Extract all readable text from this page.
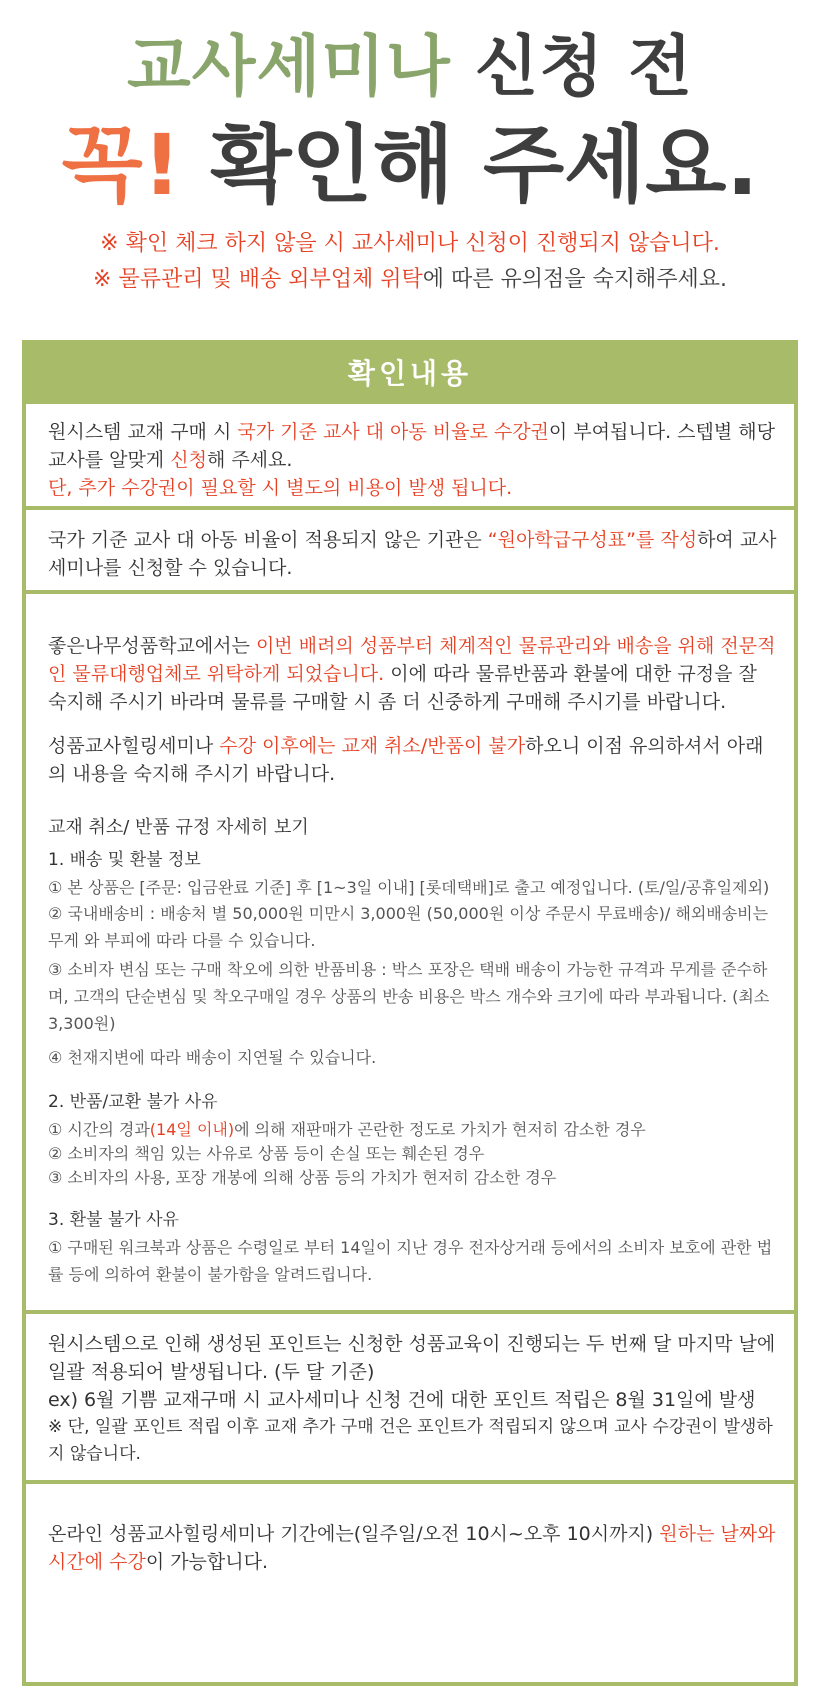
교사세미나 신청 전
꼭! 확인해 주세요.
※ 확인 체크 하지 않을 시 교사세미나 신청이 진행되지 않습니다.
※ 물류관리 및 배송 외부업체 위탁에 따른 유의점을 숙지해주세요.
확인내용
원시스템 교재 구매 시 국가 기준 교사 대 아동 비율로 수강권이 부여됩니다. 스텝별 해당 교사를 알맞게 신청해 주세요.
단, 추가 수강권이 필요할 시 별도의 비용이 발생 됩니다.
국가 기준 교사 대 아동 비율이 적용되지 않은 기관은 “원아학급구성표”를 작성하여 교사세미나를 신청할 수 있습니다.
좋은나무성품학교에서는 이번 배려의 성품부터 체계적인 물류관리와 배송을 위해 전문적인 물류대행업체로 위탁하게 되었습니다. 이에 따라 물류반품과 환불에 대한 규정을 잘 숙지해 주시기 바라며 물류를 구매할 시 좀 더 신중하게 구매해 주시기를 바랍니다.
성품교사힐링세미나 수강 이후에는 교재 취소/반품이 불가하오니 이점 유의하셔서 아래의 내용을 숙지해 주시기 바랍니다.
교재 취소/ 반품 규정 자세히 보기
1. 배송 및 환불 정보
① 본 상품은 [주문: 입금완료 기준] 후 [1~3일 이내] [롯데택배]로 출고 예정입니다. (토/일/공휴일제외)
② 국내배송비 : 배송처 별 50,000원 미만시 3,000원 (50,000원 이상 주문시 무료배송)/ 해외배송비는 무게 와 부피에 따라 다를 수 있습니다.
③ 소비자 변심 또는 구매 착오에 의한 반품비용 : 박스 포장은 택배 배송이 가능한 규격과 무게를 준수하며, 고객의 단순변심 및 착오구매일 경우 상품의 반송 비용은 박스 개수와 크기에 따라 부과됩니다. (최소 3,300원)
④ 천재지변에 따라 배송이 지연될 수 있습니다.
2. 반품/교환 불가 사유
① 시간의 경과(14일 이내)에 의해 재판매가 곤란한 정도로 가치가 현저히 감소한 경우
② 소비자의 책임 있는 사유로 상품 등이 손실 또는 훼손된 경우
③ 소비자의 사용, 포장 개봉에 의해 상품 등의 가치가 현저히 감소한 경우
3. 환불 불가 사유
① 구매된 워크북과 상품은 수령일로 부터 14일이 지난 경우 전자상거래 등에서의 소비자 보호에 관한 법률 등에 의하여 환불이 불가함을 알려드립니다.
원시스템으로 인해 생성된 포인트는 신청한 성품교육이 진행되는 두 번째 달 마지막 날에 일괄 적용되어 발생됩니다. (두 달 기준)
ex) 6월 기쁨 교재구매 시 교사세미나 신청 건에 대한 포인트 적립은 8월 31일에 발생
※ 단, 일괄 포인트 적립 이후 교재 추가 구매 건은 포인트가 적립되지 않으며 교사 수강권이 발생하지 않습니다.
온라인 성품교사힐링세미나 기간에는(일주일/오전 10시~오후 10시까지) 원하는 날짜와 시간에 수강이 가능합니다.
